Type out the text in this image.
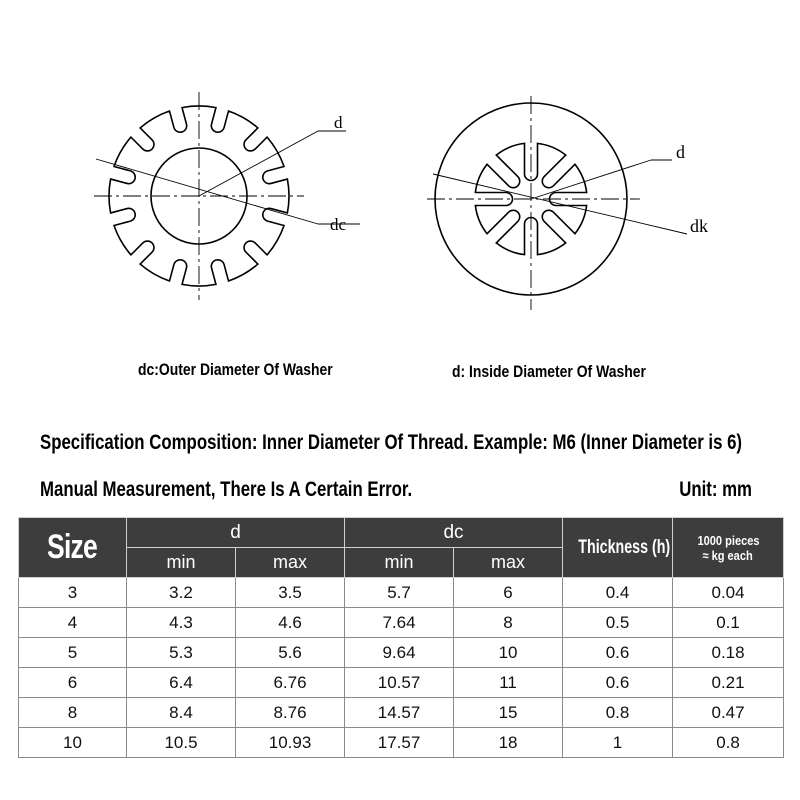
d
dc
d
dk
dc:Outer Diameter Of Washer	d: Inside Diameter Of Washer
Specification Composition: Inner Diameter Of Thread. Example: M6 (Inner Diameter is 6)
Manual Measurement, There Is A Certain Error.	Unit: mm
Size	d		dc		Thickness (h)	1000 pieces
≈ kg each
	min	max	min	max		
3	3.2	3.5	5.7	6	0.4	0.04
4	4.3	4.6	7.64	8	0.5	0.1
5	5.3	5.6	9.64	10	0.6	0.18
6	6.4	6.76	10.57	11	0.6	0.21
8	8.4	8.76	14.57	15	0.8	0.47
10	10.5	10.93	17.57	18	1	0.8
